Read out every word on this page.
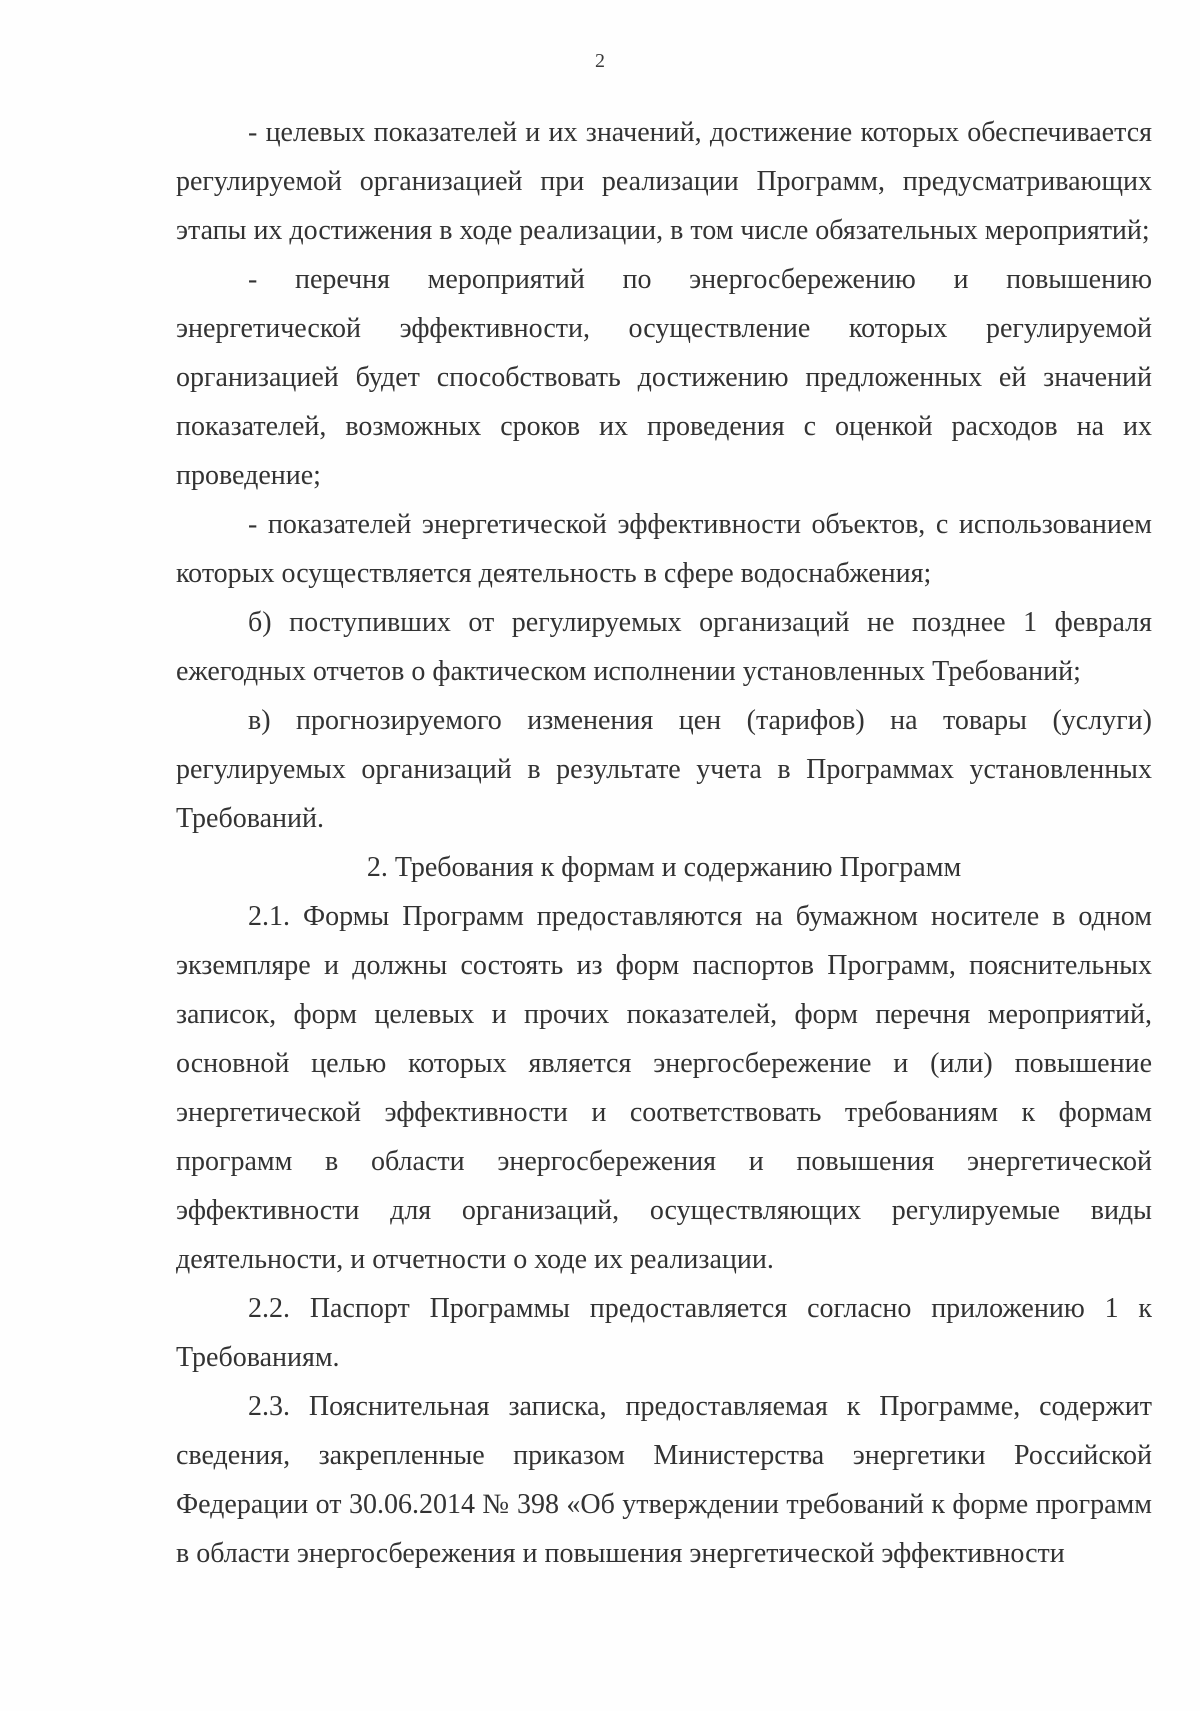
2

- целевых показателей и их значений, достижение которых обеспечивается регулируемой организацией при реализации Программ, предусматривающих этапы их достижения в ходе реализации, в том числе обязательных мероприятий;

- перечня мероприятий по энергосбережению и повышению энергетической эффективности, осуществление которых регулируемой организацией будет способствовать достижению предложенных ей значений показателей, возможных сроков их проведения с оценкой расходов на их проведение;

- показателей энергетической эффективности объектов, с использованием которых осуществляется деятельность в сфере водоснабжения;

б) поступивших от регулируемых организаций не позднее 1 февраля ежегодных отчетов о фактическом исполнении установленных Требований;

в) прогнозируемого изменения цен (тарифов) на товары (услуги) регулируемых организаций в результате учета в Программах установленных Требований.

2. Требования к формам и содержанию Программ

2.1. Формы Программ предоставляются на бумажном носителе в одном экземпляре и должны состоять из форм паспортов Программ, пояснительных записок, форм целевых и прочих показателей, форм перечня мероприятий, основной целью которых является энергосбережение и (или) повышение энергетической эффективности и соответствовать требованиям к формам программ в области энергосбережения и повышения энергетической эффективности для организаций, осуществляющих регулируемые виды деятельности, и отчетности о ходе их реализации.

2.2. Паспорт Программы предоставляется согласно приложению 1 к Требованиям.

2.3. Пояснительная записка, предоставляемая к Программе, содержит сведения, закрепленные приказом Министерства энергетики Российской Федерации от 30.06.2014 № 398 «Об утверждении требований к форме программ в области энергосбережения и повышения энергетической эффективности
